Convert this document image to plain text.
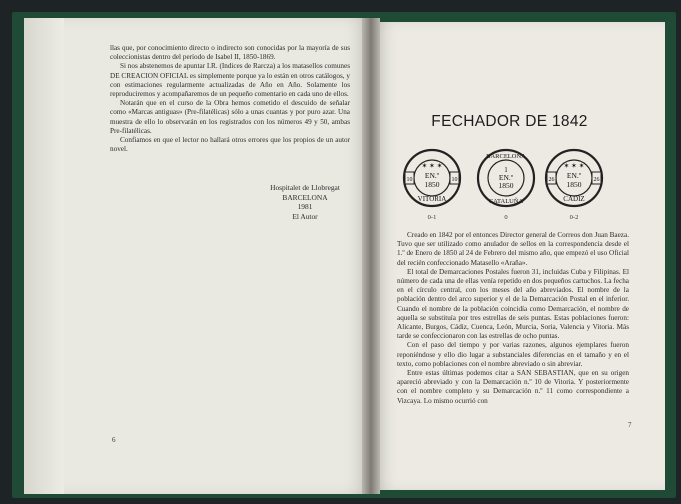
llas que, por conocimiento directo o indirecto son conocidas por la mayoría de sus coleccionistas dentro del período de Isabel II, 1850-1869.

Si nos abstenemos de apuntar I.R. (Indices de Rarcza) a los matasellos comunes DE CREACION OFICIAL es simplemente porque ya lo están en otros catálogos, y con estimaciones regularmente actualizadas de Año en Año. Solamente los reproduciremos y acompañaremos de un pequeño comentario en cada uno de ellos.

Notarán que en el curso de la Obra hemos cometido el descuido de señalar como «Marcas antiguas» (Pre-filatélicas) sólo a unas cuantas y por puro azar. Una muestra de ello lo observarán en los registrados con los números 49 y 50, ambas Pre-filatélicas.

Confiamos en que el lector no hallará otros errores que los propios de un autor novel.

Hospitalet de Llobregat
BARCELONA
1981
El Autor
6
FECHADOR DE 1842
10	10
✶ ✶ ✶
EN.º
1850
VITORIA
0-1
BARCELONA
1
EN.º
1850
CATALUÑA
0
26	26
✶ ✶ ✶
EN.º
1850
CADIZ
0-2

Creado en 1842 por el entonces Director general de Correos don Juan Baeza. Tuvo que ser utilizado como anulador de sellos en la correspondencia desde el 1.º de Enero de 1850 al 24 de Febrero del mismo año, que empezó el uso Oficial del recién confeccionado Matasello «Araña».

El total de Demarcaciones Postales fueron 31, incluidas Cuba y Filipinas. El número de cada una de ellas venía repetido en dos pequeños cartuchos. La fecha en el círculo central, con los meses del año abreviados. El nombre de la población dentro del arco superior y el de la Demarcación Postal en el inferior. Cuando el nombre de la población coincidía como Demarcación, el nombre de aquella se substituía por tres estrellas de seis puntas. Estas poblaciones fueron: Alicante, Burgos, Cádiz, Cuenca, León, Murcia, Soria, Valencia y Vitoria. Más tarde se confeccionaron con las estrellas de ocho puntas.

Con el paso del tiempo y por varias razones, algunos ejemplares fueron reponiéndose y ello dio lugar a substanciales diferencias en el tamaño y en el texto, como poblaciones con el nombre abreviado o sin abreviar.

Entre estas últimas podemos citar a SAN SEBASTIAN, que en su origen apareció abreviado y con la Demarcación n.º 10 de Vitoria. Y posteriormente con el nombre completo y su Demarcación n.º 11 como correspondiente a Vizcaya. Lo mismo ocurrió con

7
